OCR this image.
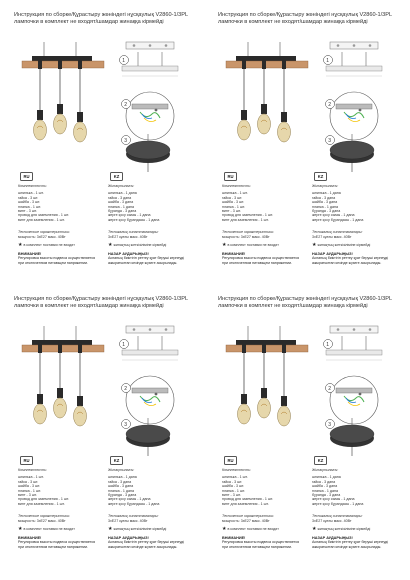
Инструкция по сборке/Құрастыру жөніндегі нұсқаулық V2860-1/3PL
лампочки в комплект не входят/шамдар жинаққа кірмейді
1
2
3
RU	KZ
Комплектность:
шпилька - 1 шт.
гайка - 3 шт.
шайба - 3 шт.
планка - 1 шт.
винт - 3 шт.
провод для заземления - 1 шт.
винт для заземления - 1 шт.
Технические характеристики:
мощность: 3хЕ27 макс. 40Вт
Жинақтылығы:
шпилька - 1 дана
гайка - 3 дана
шайба - 3 дана
планка - 1 дана
бұранда - 3 дана
жерге қосу сымы - 1 дана
жерге қосу бұрандасы - 1 дана
Техникалық сипаттамалары:
3хЕ27 куаты макс. 40Вт
★в комплект поставки не входит	★жинақтың жеткізіліміне кірмейді
ВНИМАНИЕ!
Регулировка высоты подвеса осуществляется
при отключенном питающем напряжении.
НАЗАР АУДАРЫҢЫЗ!
Аспаның биіктігін реттеу қуат беруші кернеуді
ажыратылған кезінде жүзеге асырылады.
Инструкция по сборке/Құрастыру жөніндегі нұсқаулық V2860-1/3PL
лампочки в комплект не входят/шамдар жинаққа кірмейді
1
2
3
RU	KZ
Комплектность:
шпилька - 1 шт.
гайка - 3 шт.
шайба - 3 шт.
планка - 1 шт.
винт - 3 шт.
провод для заземления - 1 шт.
винт для заземления - 1 шт.
Технические характеристики:
мощность: 3хЕ27 макс. 40Вт
Жинақтылығы:
шпилька - 1 дана
гайка - 3 дана
шайба - 3 дана
планка - 1 дана
бұранда - 3 дана
жерге қосу сымы - 1 дана
жерге қосу бұрандасы - 1 дана
Техникалық сипаттамалары:
3хЕ27 куаты макс. 40Вт
★в комплект поставки не входит	★жинақтың жеткізіліміне кірмейді
ВНИМАНИЕ!
Регулировка высоты подвеса осуществляется
при отключенном питающем напряжении.
НАЗАР АУДАРЫҢЫЗ!
Аспаның биіктігін реттеу қуат беруші кернеуді
ажыратылған кезінде жүзеге асырылады.
Инструкция по сборке/Құрастыру жөніндегі нұсқаулық V2860-1/3PL
лампочки в комплект не входят/шамдар жинаққа кірмейді
1
2
3
RU	KZ
Комплектность:
шпилька - 1 шт.
гайка - 3 шт.
шайба - 3 шт.
планка - 1 шт.
винт - 3 шт.
провод для заземления - 1 шт.
винт для заземления - 1 шт.
Технические характеристики:
мощность: 3хЕ27 макс. 40Вт
Жинақтылығы:
шпилька - 1 дана
гайка - 3 дана
шайба - 3 дана
планка - 1 дана
бұранда - 3 дана
жерге қосу сымы - 1 дана
жерге қосу бұрандасы - 1 дана
Техникалық сипаттамалары:
3хЕ27 куаты макс. 40Вт
★в комплект поставки не входит	★жинақтың жеткізіліміне кірмейді
ВНИМАНИЕ!
Регулировка высоты подвеса осуществляется
при отключенном питающем напряжении.
НАЗАР АУДАРЫҢЫЗ!
Аспаның биіктігін реттеу қуат беруші кернеуді
ажыратылған кезінде жүзеге асырылады.
Инструкция по сборке/Құрастыру жөніндегі нұсқаулық V2860-1/3PL
лампочки в комплект не входят/шамдар жинаққа кірмейді
1
2
3
RU	KZ
Комплектность:
шпилька - 1 шт.
гайка - 3 шт.
шайба - 3 шт.
планка - 1 шт.
винт - 3 шт.
провод для заземления - 1 шт.
винт для заземления - 1 шт.
Технические характеристики:
мощность: 3хЕ27 макс. 40Вт
Жинақтылығы:
шпилька - 1 дана
гайка - 3 дана
шайба - 3 дана
планка - 1 дана
бұранда - 3 дана
жерге қосу сымы - 1 дана
жерге қосу бұрандасы - 1 дана
Техникалық сипаттамалары:
3хЕ27 куаты макс. 40Вт
★в комплект поставки не входит	★жинақтың жеткізіліміне кірмейді
ВНИМАНИЕ!
Регулировка высоты подвеса осуществляется
при отключенном питающем напряжении.
НАЗАР АУДАРЫҢЫЗ!
Аспаның биіктігін реттеу қуат беруші кернеуді
ажыратылған кезінде жүзеге асырылады.
